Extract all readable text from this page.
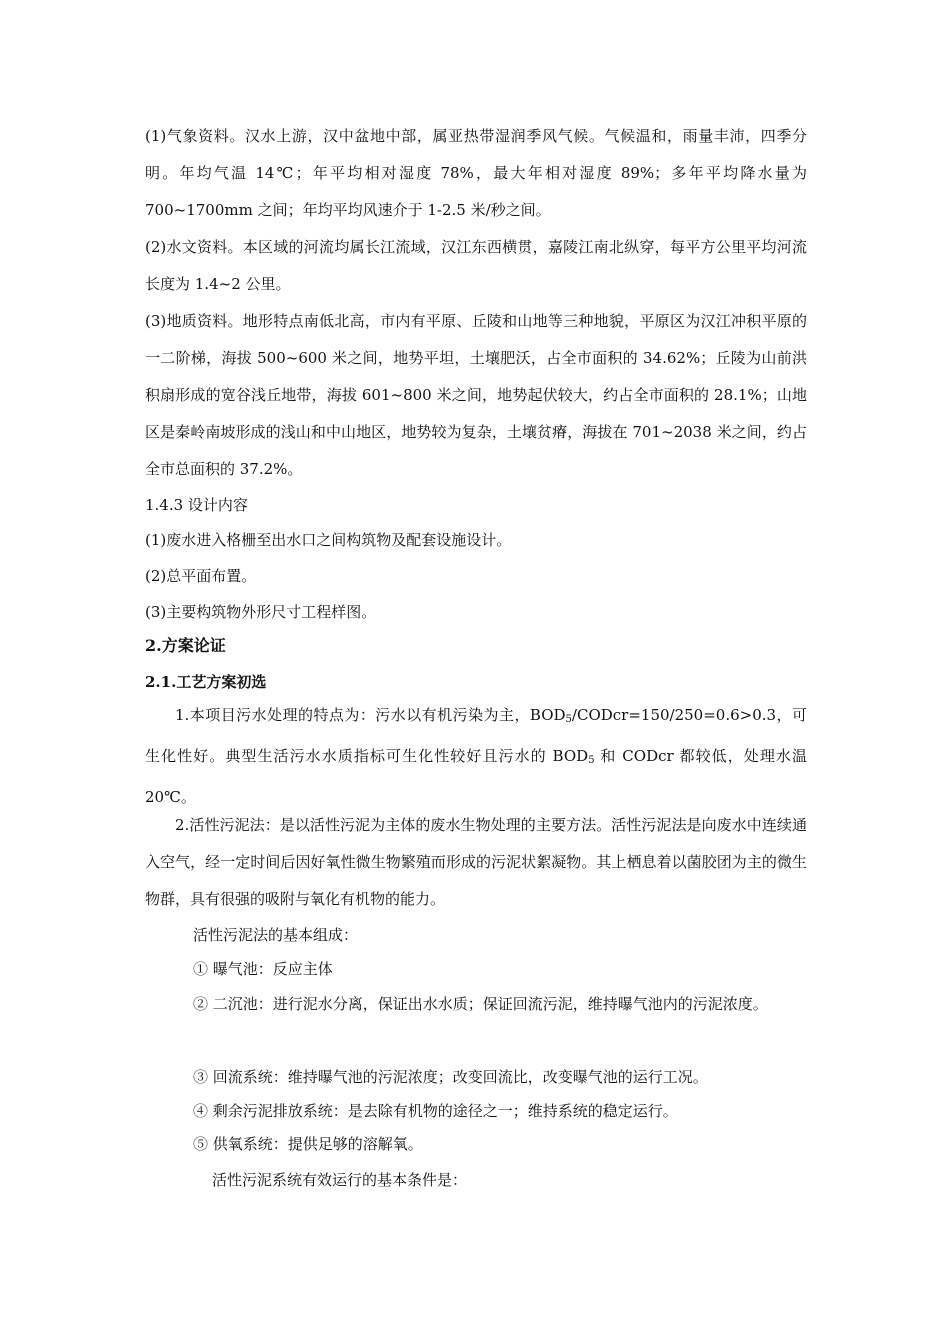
(1)气象资料。汉水上游，汉中盆地中部，属亚热带湿润季风气候。气候温和，雨量丰沛，四季分明。年均气温 14℃；年平均相对湿度 78%，最大年相对湿度 89%；多年平均降水量为 700~1700mm 之间；年均平均风速介于 1-2.5 米/秒之间。

(2)水文资料。本区域的河流均属长江流域，汉江东西横贯，嘉陵江南北纵穿，每平方公里平均河流长度为 1.4~2 公里。

(3)地质资料。地形特点南低北高，市内有平原、丘陵和山地等三种地貌，平原区为汉江冲积平原的一二阶梯，海拔 500~600 米之间，地势平坦，土壤肥沃，占全市面积的 34.62%；丘陵为山前洪积扇形成的宽谷浅丘地带，海拔 601~800 米之间，地势起伏较大，约占全市面积的 28.1%；山地区是秦岭南坡形成的浅山和中山地区，地势较为复杂，土壤贫瘠，海拔在 701~2038 米之间，约占全市总面积的 37.2%。

1.4.3 设计内容

(1)废水进入格栅至出水口之间构筑物及配套设施设计。

(2)总平面布置。

(3)主要构筑物外形尺寸工程样图。

2.方案论证

2.1.工艺方案初选

1.本项目污水处理的特点为：污水以有机污染为主，$BOD_5/CODcr=150/250=0.6>0.3$，可生化性好。典型生活污水水质指标可生化性较好且污水的 $BOD_5$ 和 CODcr 都较低，处理水温 20℃。

2.活性污泥法：是以活性污泥为主体的废水生物处理的主要方法。活性污泥法是向废水中连续通入空气，经一定时间后因好氧性微生物繁殖而形成的污泥状絮凝物。其上栖息着以菌胶团为主的微生物群，具有很强的吸附与氧化有机物的能力。

活性污泥法的基本组成：

① 曝气池：反应主体

② 二沉池：进行泥水分离，保证出水水质；保证回流污泥，维持曝气池内的污泥浓度。

③ 回流系统：维持曝气池的污泥浓度；改变回流比，改变曝气池的运行工况。

④ 剩余污泥排放系统：是去除有机物的途径之一；维持系统的稳定运行。

⑤ 供氧系统：提供足够的溶解氧。

活性污泥系统有效运行的基本条件是：
